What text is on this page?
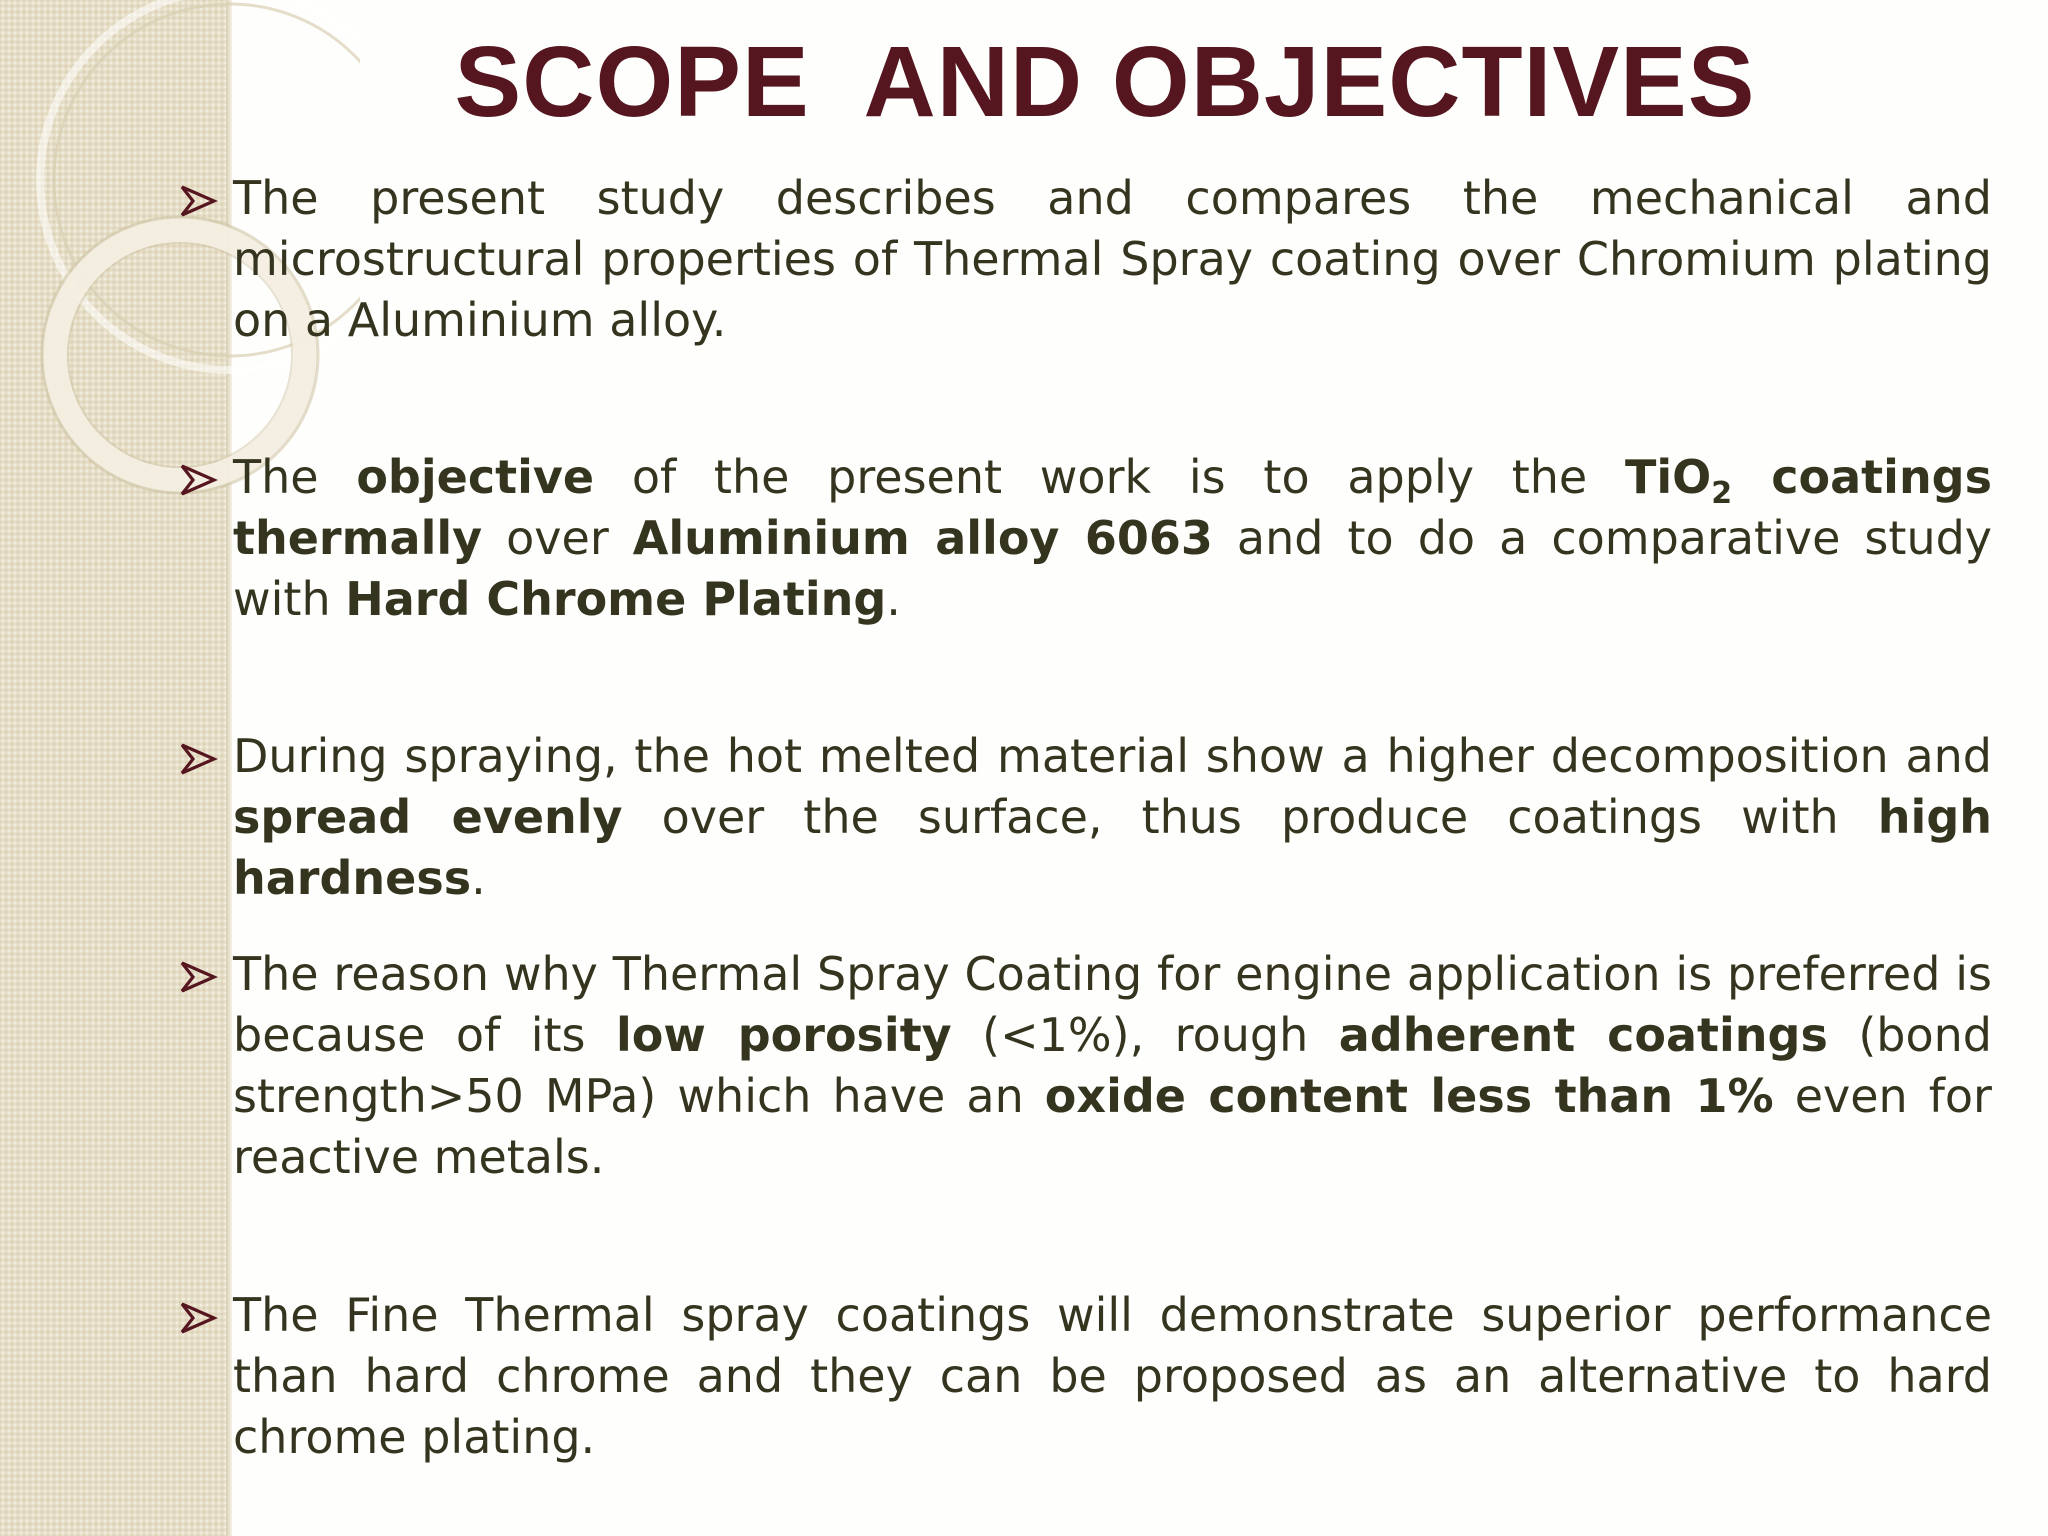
SCOPE  AND OBJECTIVES
The present study describes and compares the mechanical and microstructural properties of Thermal Spray coating over Chromium plating on a Aluminium alloy.
The objective of the present work is to apply the TiO$_2$ coatings thermally over Aluminium alloy 6063 and to do a comparative study with Hard Chrome Plating.
During spraying, the hot melted material show a higher decomposition and spread evenly over the surface, thus produce coatings with high hardness.
The reason why Thermal Spray Coating for engine application is preferred is because of its low porosity (<1%), rough adherent coatings (bond strength>50 MPa) which have an oxide content less than 1% even for reactive metals.
The Fine Thermal spray coatings will demonstrate superior performance than hard chrome and they can be proposed as an alternative to hard chrome plating.
